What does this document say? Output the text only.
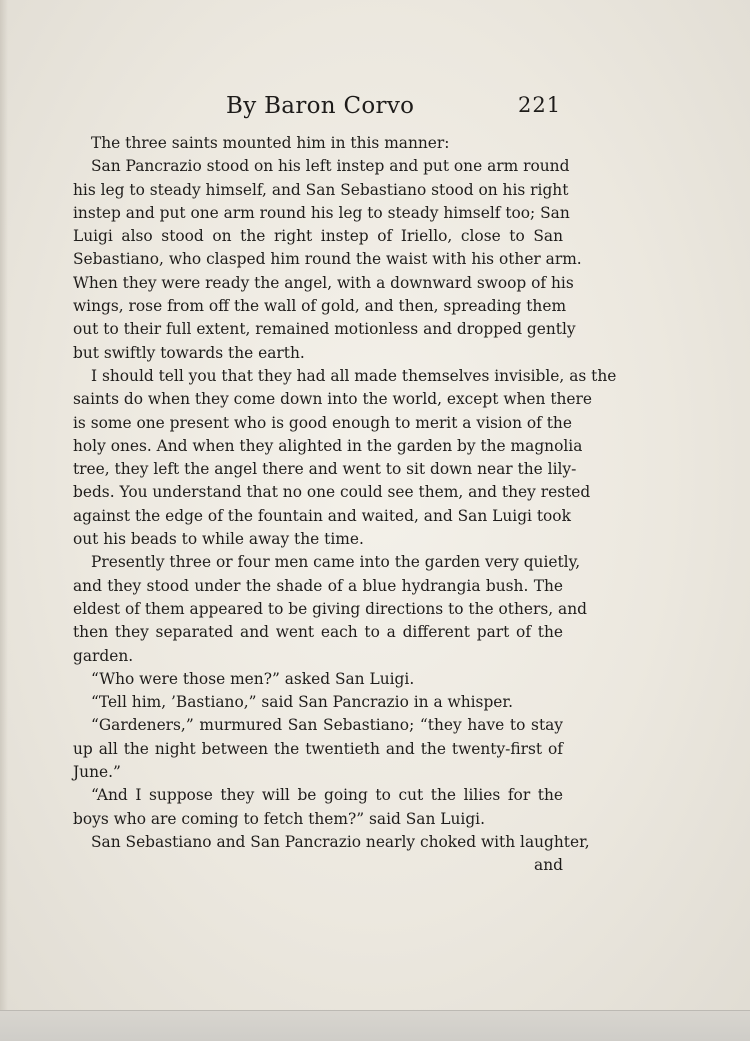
By Baron Corvo	221
The three saints mounted him in this manner:
San Pancrazio stood on his left instep and put one arm round
his leg to steady himself, and San Sebastiano stood on his right
instep and put one arm round his leg to steady himself too; San
Luigi also stood on the right instep of Iriello, close to San
Sebastiano, who clasped him round the waist with his other arm.
When they were ready the angel, with a downward swoop of his
wings, rose from off the wall of gold, and then, spreading them
out to their full extent, remained motionless and dropped gently
but swiftly towards the earth.
I should tell you that they had all made themselves invisible, as the
saints do when they come down into the world, except when there
is some one present who is good enough to merit a vision of the
holy ones. And when they alighted in the garden by the magnolia
tree, they left the angel there and went to sit down near the lily-
beds. You understand that no one could see them, and they rested
against the edge of the fountain and waited, and San Luigi took
out his beads to while away the time.
Presently three or four men came into the garden very quietly,
and they stood under the shade of a blue hydrangia bush. The
eldest of them appeared to be giving directions to the others, and
then they separated and went each to a different part of the
garden.
“Who were those men?” asked San Luigi.
“Tell him, ’Bastiano,” said San Pancrazio in a whisper.
“Gardeners,” murmured San Sebastiano; “they have to stay
up all the night between the twentieth and the twenty-first of
June.”
“And I suppose they will be going to cut the lilies for the
boys who are coming to fetch them?” said San Luigi.
San Sebastiano and San Pancrazio nearly choked with laughter,
and
